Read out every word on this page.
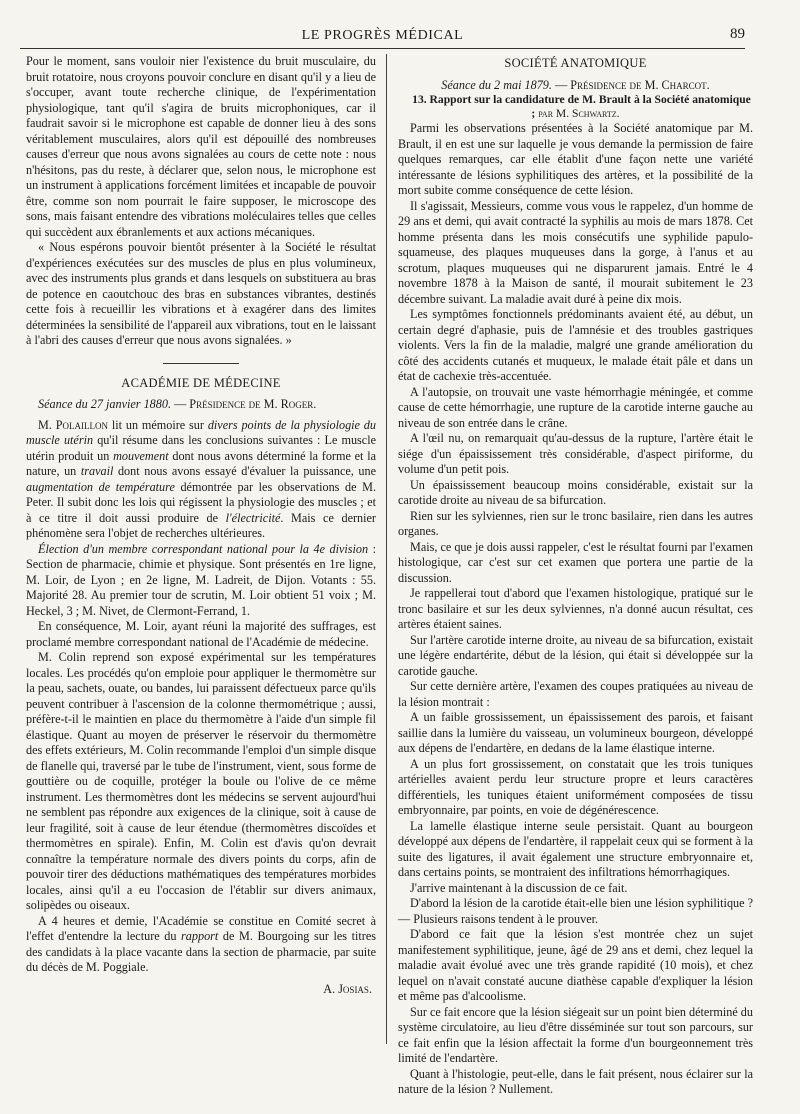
LE PROGRÈS MÉDICAL	89

Pour le moment, sans vouloir nier l'existence du bruit musculaire, du bruit rotatoire, nous croyons pouvoir conclure en disant qu'il y a lieu de s'occuper, avant toute recherche clinique, de l'expérimentation physiologique, tant qu'il s'agira de bruits microphoniques, car il faudrait savoir si le microphone est capable de donner lieu à des sons véritablement musculaires, alors qu'il est dépouillé des nombreuses causes d'erreur que nous avons signalées au cours de cette note : nous n'hésitons, pas du reste, à déclarer que, selon nous, le microphone est un instrument à applications forcément limitées et incapable de pouvoir être, comme son nom pourrait le faire supposer, le microscope des sons, mais faisant entendre des vibrations moléculaires telles que celles qui succèdent aux ébranlements et aux actions mécaniques.

« Nous espérons pouvoir bientôt présenter à la Société le résultat d'expériences exécutées sur des muscles de plus en plus volumineux, avec des instruments plus grands et dans lesquels on substituera au bras de potence en caoutchouc des bras en substances vibrantes, destinés cette fois à recueillir les vibrations et à exagérer dans des limites déterminées la sensibilité de l'appareil aux vibrations, tout en le laissant à l'abri des causes d'erreur que nous avons signalées. »

ACADÉMIE DE MÉDECINE

Séance du 27 janvier 1880. — Présidence de M. Roger.

M. Polaillon lit un mémoire sur divers points de la physiologie du muscle utérin qu'il résume dans les conclusions suivantes : Le muscle utérin produit un mouvement dont nous avons déterminé la forme et la nature, un travail dont nous avons essayé d'évaluer la puissance, une augmentation de température démontrée par les observations de M. Peter. Il subit donc les lois qui régissent la physiologie des muscles ; et à ce titre il doit aussi produire de l'électricité. Mais ce dernier phénomène sera l'objet de recherches ultérieures.

Élection d'un membre correspondant national pour la 4e division : Section de pharmacie, chimie et physique. Sont présentés en 1re ligne, M. Loir, de Lyon ; en 2e ligne, M. Ladreit, de Dijon. Votants : 55. Majorité 28. Au premier tour de scrutin, M. Loir obtient 51 voix ; M. Heckel, 3 ; M. Nivet, de Clermont-Ferrand, 1.

En conséquence, M. Loir, ayant réuni la majorité des suffrages, est proclamé membre correspondant national de l'Académie de médecine.

M. Colin reprend son exposé expérimental sur les températures locales. Les procédés qu'on emploie pour appliquer le thermomètre sur la peau, sachets, ouate, ou bandes, lui paraissent défectueux parce qu'ils peuvent contribuer à l'ascension de la colonne thermométrique ; aussi, préfère-t-il le maintien en place du thermomètre à l'aide d'un simple fil élastique. Quant au moyen de préserver le réservoir du thermomètre des effets extérieurs, M. Colin recommande l'emploi d'un simple disque de flanelle qui, traversé par le tube de l'instrument, vient, sous forme de gouttière ou de coquille, protéger la boule ou l'olive de ce même instrument. Les thermomètres dont les médecins se servent aujourd'hui ne semblent pas répondre aux exigences de la clinique, soit à cause de leur fragilité, soit à cause de leur étendue (thermomètres discoïdes et thermomètres en spirale). Enfin, M. Colin est d'avis qu'on devrait connaître la température normale des divers points du corps, afin de pouvoir tirer des déductions mathématiques des températures morbides locales, ainsi qu'il a eu l'occasion de l'établir sur divers animaux, solipèdes ou oiseaux.

A 4 heures et demie, l'Académie se constitue en Comité secret à l'effet d'entendre la lecture du rapport de M. Bourgoing sur les titres des candidats à la place vacante dans la section de pharmacie, par suite du décès de M. Poggiale.

A. Josias.
SOCIÉTÉ ANATOMIQUE

Séance du 2 mai 1879. — Présidence de M. Charcot.

13. Rapport sur la candidature de M. Brault à la Société anatomique ; par M. Schwartz.

Parmi les observations présentées à la Société anatomique par M. Brault, il en est une sur laquelle je vous demande la permission de faire quelques remarques, car elle établit d'une façon nette une variété intéressante de lésions syphilitiques des artères, et la possibilité de la mort subite comme conséquence de cette lésion.

Il s'agissait, Messieurs, comme vous vous le rappelez, d'un homme de 29 ans et demi, qui avait contracté la syphilis au mois de mars 1878. Cet homme présenta dans les mois consécutifs une syphilide papulo-squameuse, des plaques muqueuses dans la gorge, à l'anus et au scrotum, plaques muqueuses qui ne disparurent jamais. Entré le 4 novembre 1878 à la Maison de santé, il mourait subitement le 23 décembre suivant. La maladie avait duré à peine dix mois.

Les symptômes fonctionnels prédominants avaient été, au début, un certain degré d'aphasie, puis de l'amnésie et des troubles gastriques violents. Vers la fin de la maladie, malgré une grande amélioration du côté des accidents cutanés et muqueux, le malade était pâle et dans un état de cachexie très-accentuée.

A l'autopsie, on trouvait une vaste hémorrhagie méningée, et comme cause de cette hémorrhagie, une rupture de la carotide interne gauche au niveau de son entrée dans le crâne.

A l'œil nu, on remarquait qu'au-dessus de la rupture, l'artère était le siége d'un épaississement très considérable, d'aspect piriforme, du volume d'un petit pois.

Un épaississement beaucoup moins considérable, existait sur la carotide droite au niveau de sa bifurcation.

Rien sur les sylviennes, rien sur le tronc basilaire, rien dans les autres organes.

Mais, ce que je dois aussi rappeler, c'est le résultat fourni par l'examen histologique, car c'est sur cet examen que portera une partie de la discussion.

Je rappellerai tout d'abord que l'examen histologique, pratiqué sur le tronc basilaire et sur les deux sylviennes, n'a donné aucun résultat, ces artères étaient saines.

Sur l'artère carotide interne droite, au niveau de sa bifurcation, existait une légère endartérite, début de la lésion, qui était si développée sur la carotide gauche.

Sur cette dernière artère, l'examen des coupes pratiquées au niveau de la lésion montrait :

A un faible grossissement, un épaississement des parois, et faisant saillie dans la lumière du vaisseau, un volumineux bourgeon, développé aux dépens de l'endartère, en dedans de la lame élastique interne.

A un plus fort grossissement, on constatait que les trois tuniques artérielles avaient perdu leur structure propre et leurs caractères différentiels, les tuniques étaient uniformément composées de tissu embryonnaire, par points, en voie de dégénérescence.

La lamelle élastique interne seule persistait. Quant au bourgeon développé aux dépens de l'endartère, il rappelait ceux qui se forment à la suite des ligatures, il avait également une structure embryonnaire et, dans certains points, se montraient des infiltrations hémorrhagiques.

J'arrive maintenant à la discussion de ce fait.

D'abord la lésion de la carotide était-elle bien une lésion syphilitique ? — Plusieurs raisons tendent à le prouver.

D'abord ce fait que la lésion s'est montrée chez un sujet manifestement syphilitique, jeune, âgé de 29 ans et demi, chez lequel la maladie avait évolué avec une très grande rapidité (10 mois), et chez lequel on n'avait constaté aucune diathèse capable d'expliquer la lésion et même pas d'alcoolisme.

Sur ce fait encore que la lésion siégeait sur un point bien déterminé du système circulatoire, au lieu d'être disséminée sur tout son parcours, sur ce fait enfin que la lésion affectait la forme d'un bourgeonnement très limité de l'endartère.

Quant à l'histologie, peut-elle, dans le fait présent, nous éclairer sur la nature de la lésion ? Nullement.
